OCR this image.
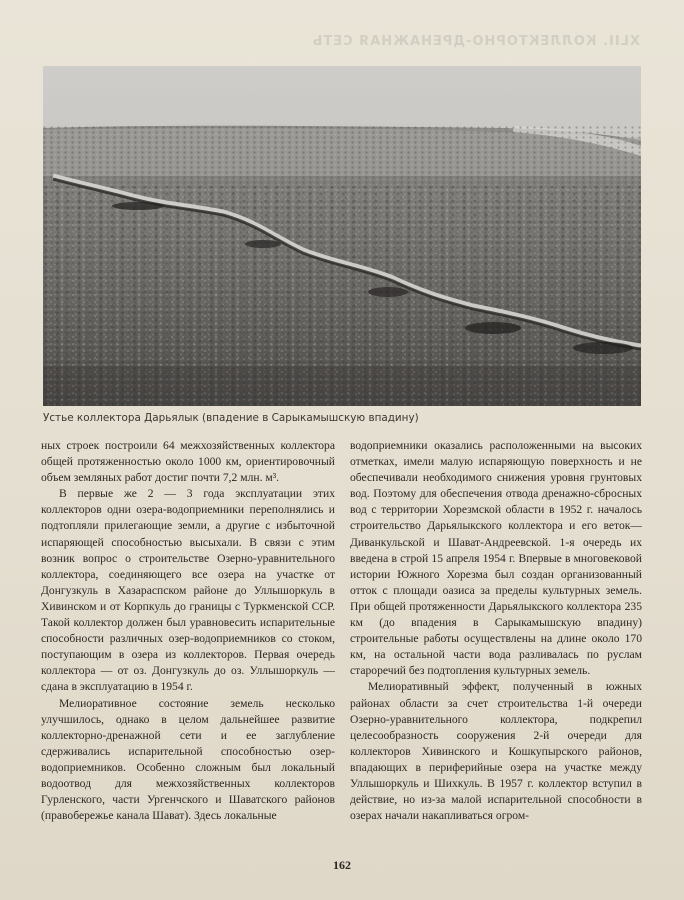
XLII. КОЛЛЕКТОРНО-ДРЕНАЖНАЯ СЕТЬ
Устье коллектора Дарьялык (впадение в Сарыкамышскую впадину)

ных строек построили 64 межхозяйственных коллектора общей протяженностью около 1000 км, ориентировочный объем земляных работ достиг почти 7,2 млн. м³.

В первые же 2 — 3 года эксплуатации этих коллекторов одни озера-водоприемники переполнялись и подтопляли прилегающие земли, а другие с избыточной испаряющей способностью высыхали. В связи с этим возник вопрос о строительстве Озерно-уравнительного коллектора, соединяющего все озера на участке от Донгузкуль в Хазараспском районе до Уллышоркуль в Хивинском и от Корпкуль до границы с Туркменской ССР. Такой коллектор должен был уравновесить испарительные способности различных озер-водоприемников со стоком, поступающим в озера из коллекторов. Первая очередь коллектора — от оз. Донгузкуль до оз. Уллышоркуль — сдана в эксплуатацию в 1954 г.

Мелиоративное состояние земель несколько улучшилось, однако в целом дальнейшее развитие коллекторно-дренажной сети и ее заглубление сдерживались испарительной способностью озер-водоприемников. Особенно сложным был локальный водоотвод для межхозяйственных коллекторов Гурленского, части Ургенчского и Шаватского районов (правобережье канала Шават). Здесь локальные

водоприемники оказались расположенными на высоких отметках, имели малую испаряющую поверхность и не обеспечивали необходимого снижения уровня грунтовых вод. Поэтому для обеспечения отвода дренажно-сбросных вод с территории Хорезмской области в 1952 г. началось строительство Дарьялыкского коллектора и его веток—Диванкульской и Шават-Андреевской. 1-я очередь их введена в строй 15 апреля 1954 г. Впервые в многовековой истории Южного Хорезма был создан организованный отток с площади оазиса за пределы культурных земель. При общей протяженности Дарьялыкского коллектора 235 км (до впадения в Сарыкамышскую впадину) строительные работы осуществлены на длине около 170 км, на остальной части вода разливалась по руслам староречий без подтопления культурных земель.

Мелиоративный эффект, полученный в южных районах области за счет строительства 1-й очереди Озерно-уравнительного коллектора, подкрепил целесообразность сооружения 2-й очереди для коллекторов Хивинского и Кошкупырского районов, впадающих в периферийные озера на участке между Уллышоркуль и Шихкуль. В 1957 г. коллектор вступил в действие, но из-за малой испарительной способности в озерах начали накапливаться огром-

162
